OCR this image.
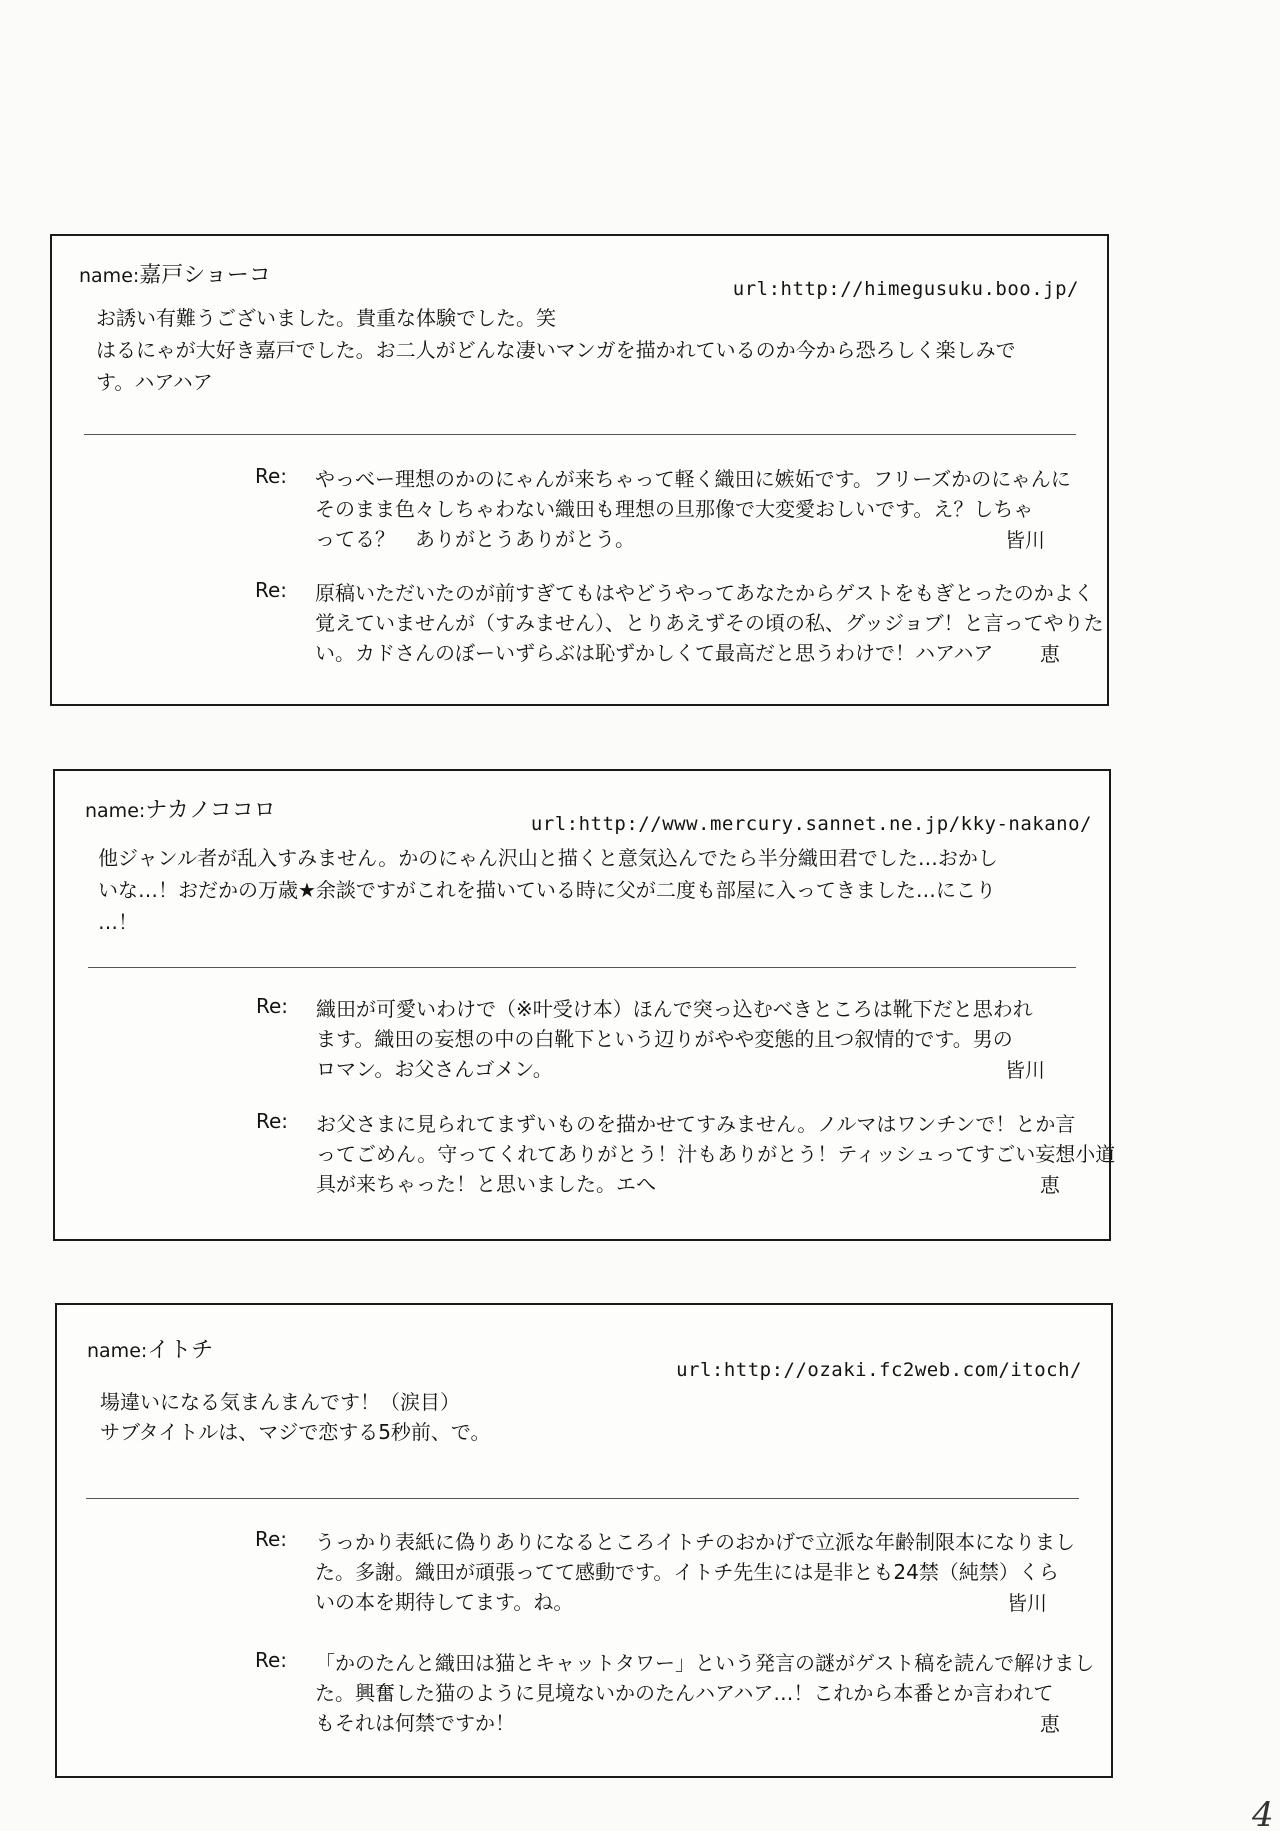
name:嘉戸ショーコ
url:http://himegusuku.boo.jp/
お誘い有難うございました。貴重な体験でした。笑
はるにゃが大好き嘉戸でした。お二人がどんな凄いマンガを描かれているのか今から恐ろしく楽しみで
す。ハアハア
Re: やっべー理想のかのにゃんが来ちゃって軽く織田に嫉妬です。フリーズかのにゃんに
そのまま色々しちゃわない織田も理想の旦那像で大変愛おしいです。え？しちゃ
ってる？　ありがとうありがとう。	皆川
Re: 原稿いただいたのが前すぎてもはやどうやってあなたからゲストをもぎとったのかよく
覚えていませんが（すみません）、とりあえずその頃の私、グッジョブ！と言ってやりた
い。カドさんのぼーいずらぶは恥ずかしくて最高だと思うわけで！ハアハア	恵
name:ナカノココロ
url:http://www.mercury.sannet.ne.jp/kky-nakano/
他ジャンル者が乱入すみません。かのにゃん沢山と描くと意気込んでたら半分織田君でした…おかし
いな…！おだかの万歳★余談ですがこれを描いている時に父が二度も部屋に入ってきました…にこり
…！
Re: 織田が可愛いわけで（※叶受け本）ほんで突っ込むべきところは靴下だと思われ
ます。織田の妄想の中の白靴下という辺りがやや変態的且つ叙情的です。男の
ロマン。お父さんゴメン。	皆川
Re: お父さまに見られてまずいものを描かせてすみません。ノルマはワンチンで！とか言
ってごめん。守ってくれてありがとう！汁もありがとう！ティッシュってすごい妄想小道
具が来ちゃった！と思いました。エへ	恵
name:イトチ
url:http://ozaki.fc2web.com/itoch/
場違いになる気まんまんです！（涙目）
サブタイトルは、マジで恋する5秒前、で。
Re: うっかり表紙に偽りありになるところイトチのおかげで立派な年齢制限本になりまし
た。多謝。織田が頑張ってて感動です。イトチ先生には是非とも24禁（純禁）くら
いの本を期待してます。ね。	皆川
Re: 「かのたんと織田は猫とキャットタワー」という発言の謎がゲスト稿を読んで解けまし
た。興奮した猫のように見境ないかのたんハアハア…！これから本番とか言われて
もそれは何禁ですか！	恵
4
